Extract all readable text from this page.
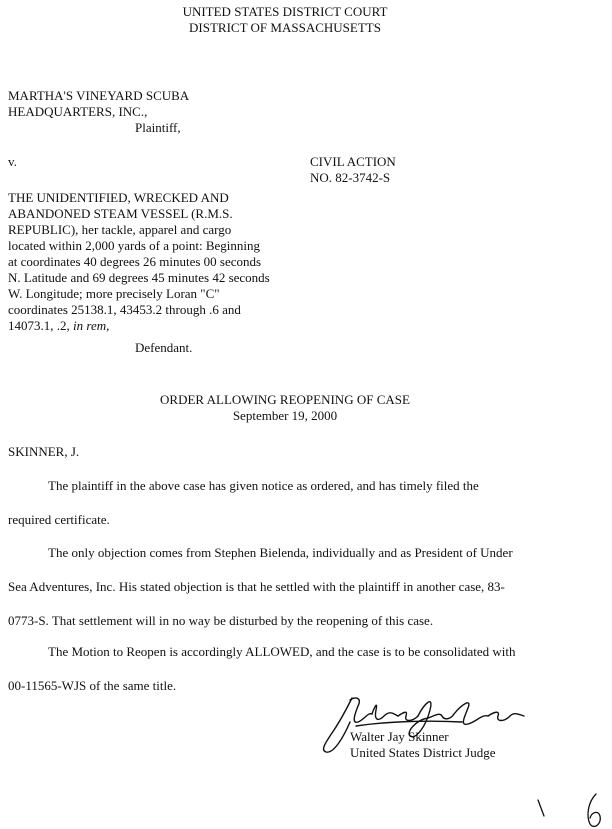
UNITED STATES DISTRICT COURT
DISTRICT OF MASSACHUSETTS
MARTHA'S VINEYARD SCUBA
HEADQUARTERS, INC.,
Plaintiff,
v.	CIVIL ACTION
NO. 82-3742-S
THE UNIDENTIFIED, WRECKED AND
ABANDONED STEAM VESSEL (R.M.S.
REPUBLIC), her tackle, apparel and cargo
located within 2,000 yards of a point: Beginning
at coordinates 40 degrees 26 minutes 00 seconds
N. Latitude and 69 degrees 45 minutes 42 seconds
W. Longitude; more precisely Loran "C"
coordinates 25138.1, 43453.2 through .6 and
14073.1, .2, in rem,
Defendant.
ORDER ALLOWING REOPENING OF CASE
September 19, 2000
SKINNER, J.
The plaintiff in the above case has given notice as ordered, and has timely filed the
required certificate.
The only objection comes from Stephen Bielenda, individually and as President of Under
Sea Adventures, Inc. His stated objection is that he settled with the plaintiff in another case, 83-
0773-S. That settlement will in no way be disturbed by the reopening of this case.
The Motion to Reopen is accordingly ALLOWED, and the case is to be consolidated with
00-11565-WJS of the same title.
Walter Jay Skinner
United States District Judge
